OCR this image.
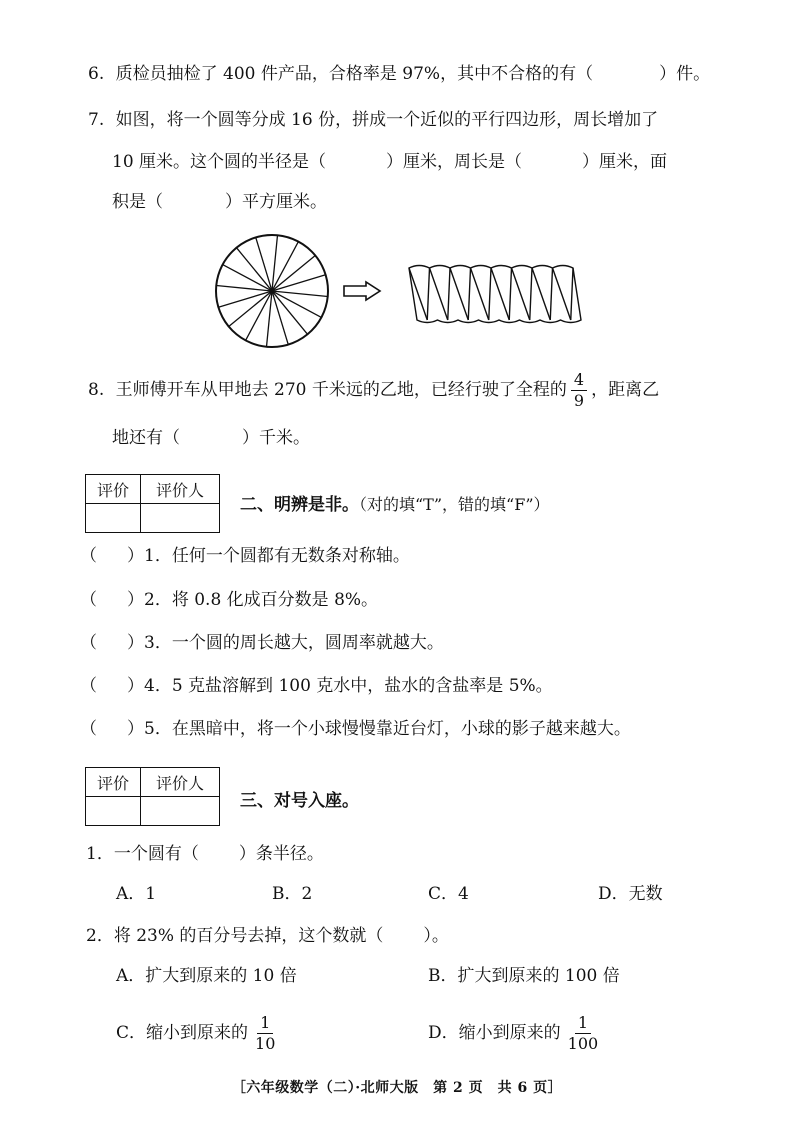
6. 质检员抽检了 400 件产品，合格率是 97%，其中不合格的有（	）件。
7. 如图，将一个圆等分成 16 份，拼成一个近似的平行四边形，周长增加了
10 厘米。这个圆的半径是（	）厘米，周长是（	）厘米，面
积是（	）平方厘米。
8. 王师傅开车从甲地去 270 千米远的乙地，已经行驶了全程的 $\frac{4}{9}$ ，距离乙
地还有（	）千米。
评价	评价人

二、明辨是非。（对的填“T”，错的填“F”）
（ ）1．任何一个圆都有无数条对称轴。
（ ）2．将 0.8 化成百分数是 8%。
（ ）3．一个圆的周长越大，圆周率就越大。
（ ）4．5 克盐溶解到 100 克水中，盐水的含盐率是 5%。
（ ）5．在黑暗中，将一个小球慢慢靠近台灯，小球的影子越来越大。
评价	评价人

三、对号入座。
1．一个圆有（ ）条半径。
A．1	B．2	C．4	D．无数
2．将 23% 的百分号去掉，这个数就（ ）。
A．扩大到原来的 10 倍	B．扩大到原来的 100 倍
C．缩小到原来的 $\frac{1}{10}$	D．缩小到原来的 $\frac{1}{100}$
［六年级数学（二）·北师大版　第 2 页　共 6 页］
